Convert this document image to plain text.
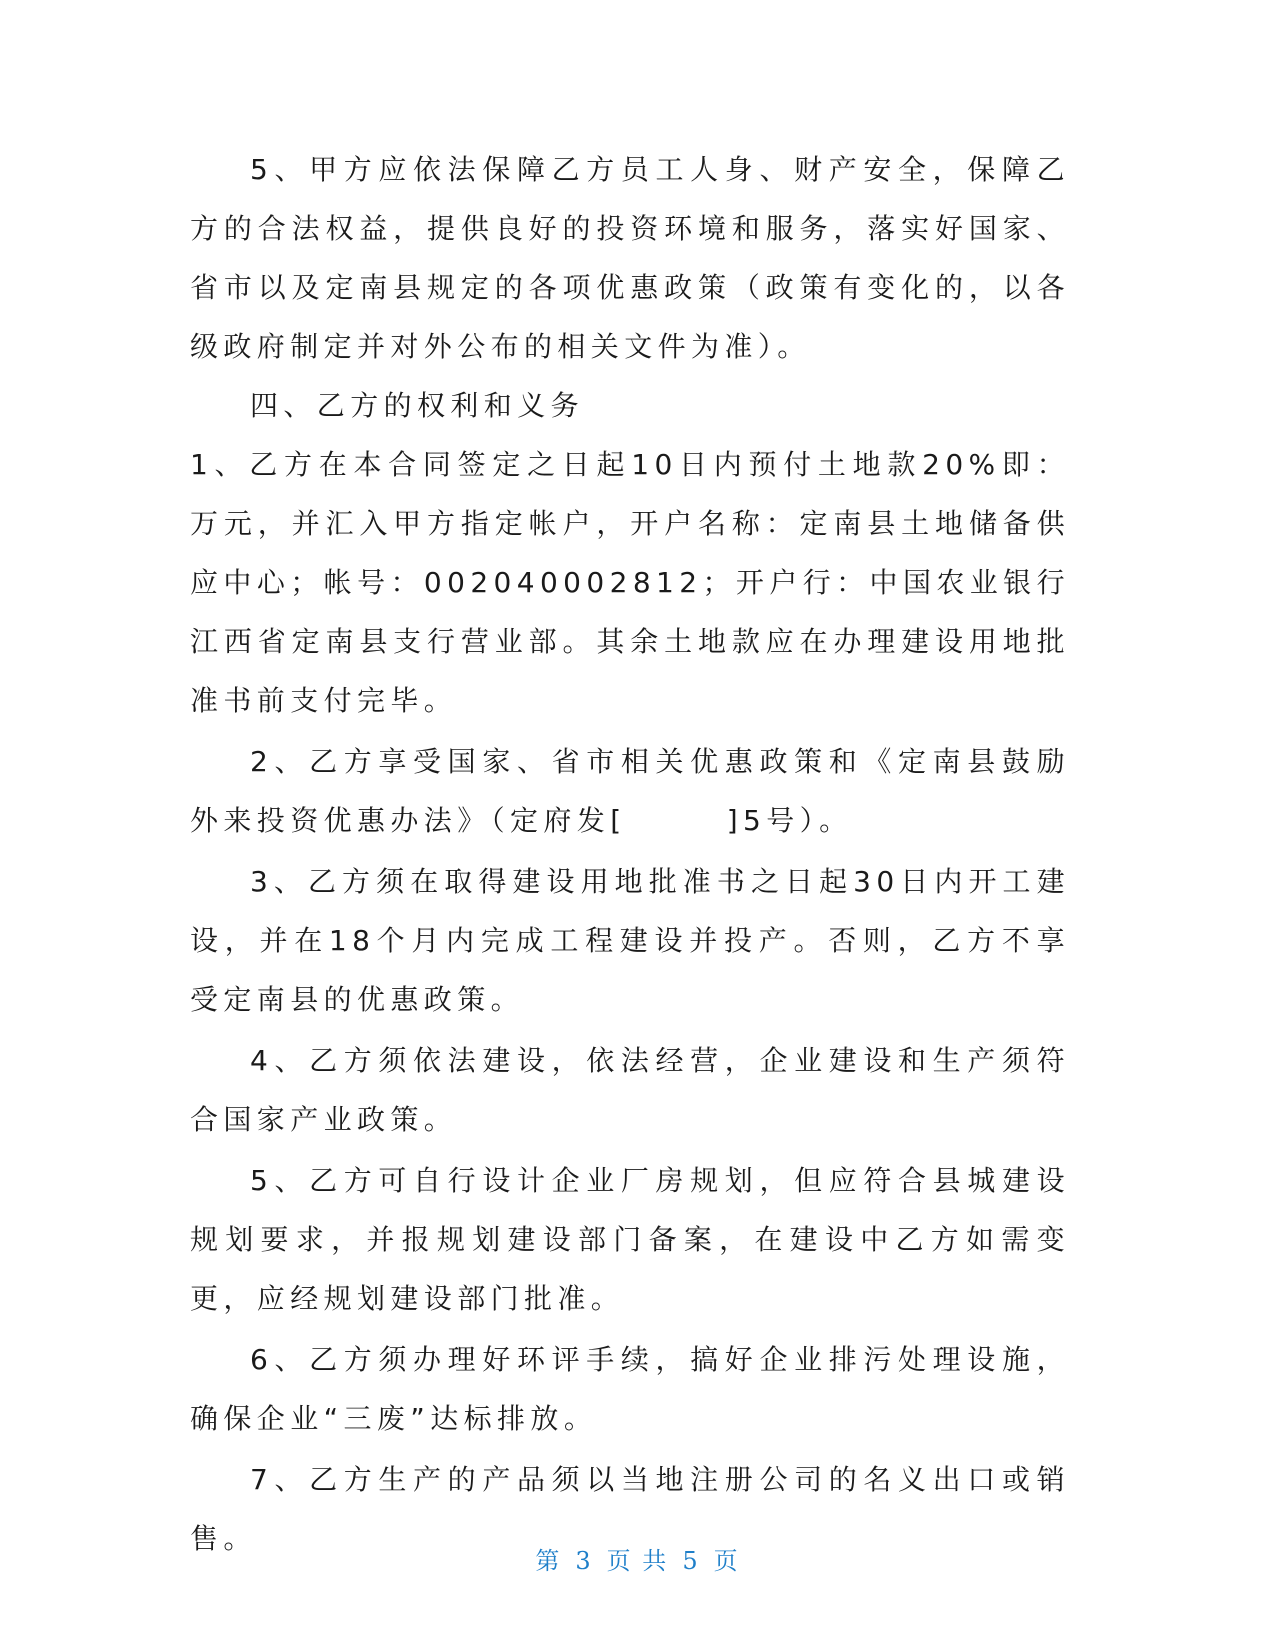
5、甲方应依法保障乙方员工人身、财产安全，保障乙方的合法权益，提供良好的投资环境和服务，落实好国家、省市以及定南县规定的各项优惠政策（政策有变化的，以各级政府制定并对外公布的相关文件为准）。

四、乙方的权利和义务

1、乙方在本合同签定之日起10日内预付土地款20%即：万元，并汇入甲方指定帐户，开户名称：定南县土地储备供应中心；帐号：002040002812；开户行：中国农业银行江西省定南县支行营业部。其余土地款应在办理建设用地批准书前支付完毕。

2、乙方享受国家、省市相关优惠政策和《定南县鼓励外来投资优惠办法》（定府发[　　　]5号）。

3、乙方须在取得建设用地批准书之日起30日内开工建设，并在18个月内完成工程建设并投产。否则，乙方不享受定南县的优惠政策。

4、乙方须依法建设，依法经营，企业建设和生产须符合国家产业政策。

5、乙方可自行设计企业厂房规划，但应符合县城建设规划要求，并报规划建设部门备案，在建设中乙方如需变更，应经规划建设部门批准。

6、乙方须办理好环评手续，搞好企业排污处理设施，确保企业“三废”达标排放。

7、乙方生产的产品须以当地注册公司的名义出口或销售。

第 3 页 共 5 页
